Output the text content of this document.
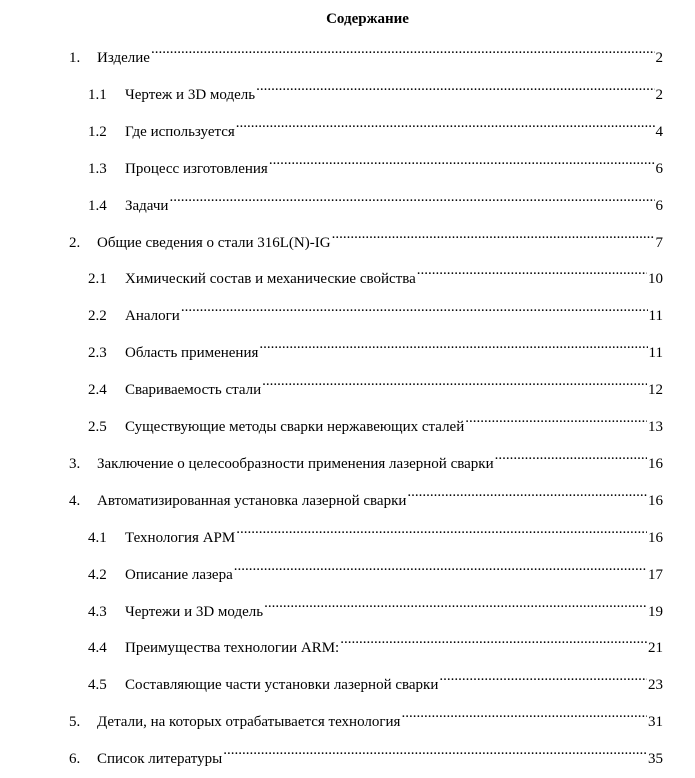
Содержание
1.	Изделие .....	2
1.1	Чертеж и 3D модель .....	2
1.2	Где используется .....	4
1.3	Процесс изготовления .....	6
1.4	Задачи .....	6
2.	Общие сведения о стали 316L(N)-IG .....	7
2.1	Химический состав и механические свойства .....	10
2.2	Аналоги .....	11
2.3	Область применения .....	11
2.4	Свариваемость стали .....	12
2.5	Существующие методы сварки нержавеющих сталей .....	13
3.	Заключение о целесообразности применения лазерной сварки .....	16
4.	Автоматизированная установка лазерной сварки .....	16
4.1	Технология АРМ .....	16
4.2	Описание лазера .....	17
4.3	Чертежи и 3D модель .....	19
4.4	Преимущества технологии ARM: .....	21
4.5	Составляющие части установки лазерной сварки .....	23
5.	Детали, на которых отрабатывается технология .....	31
6.	Список литературы .....	35
